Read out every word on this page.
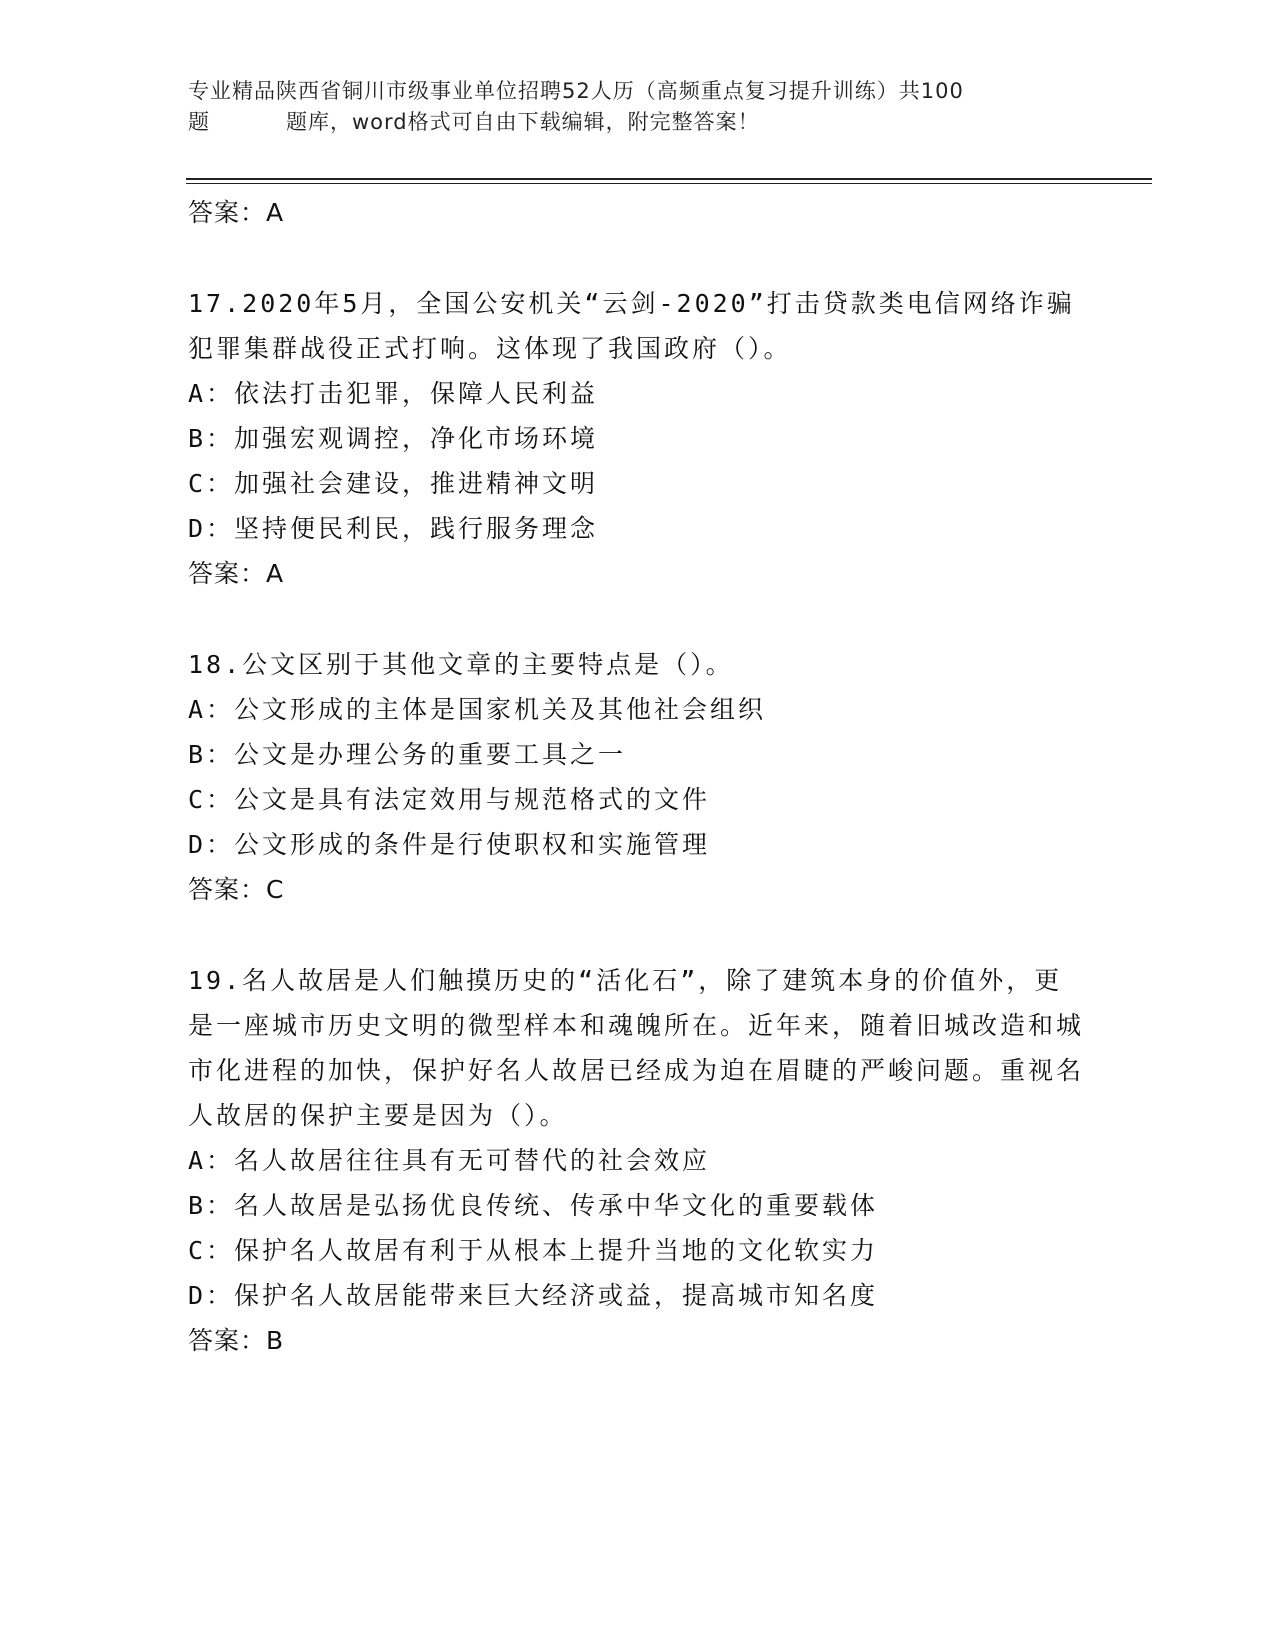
专业精品陕西省铜川市级事业单位招聘52人历（高频重点复习提升训练）共100
题	题库，word格式可自由下载编辑，附完整答案！
答案：A

17.2020年5月，全国公安机关“云剑-2020”打击贷款类电信网络诈骗犯罪集群战役正式打响。这体现了我国政府（）。

A：依法打击犯罪，保障人民利益

B：加强宏观调控，净化市场环境

C：加强社会建设，推进精神文明

D：坚持便民利民，践行服务理念

答案：A

18.公文区别于其他文章的主要特点是（）。

A：公文形成的主体是国家机关及其他社会组织

B：公文是办理公务的重要工具之一

C：公文是具有法定效用与规范格式的文件

D：公文形成的条件是行使职权和实施管理

答案：C

19.名人故居是人们触摸历史的“活化石”，除了建筑本身的价值外，更是一座城市历史文明的微型样本和魂魄所在。近年来，随着旧城改造和城市化进程的加快，保护好名人故居已经成为迫在眉睫的严峻问题。重视名人故居的保护主要是因为（）。

A：名人故居往往具有无可替代的社会效应

B：名人故居是弘扬优良传统、传承中华文化的重要载体

C：保护名人故居有利于从根本上提升当地的文化软实力

D：保护名人故居能带来巨大经济或益，提高城市知名度

答案：B
